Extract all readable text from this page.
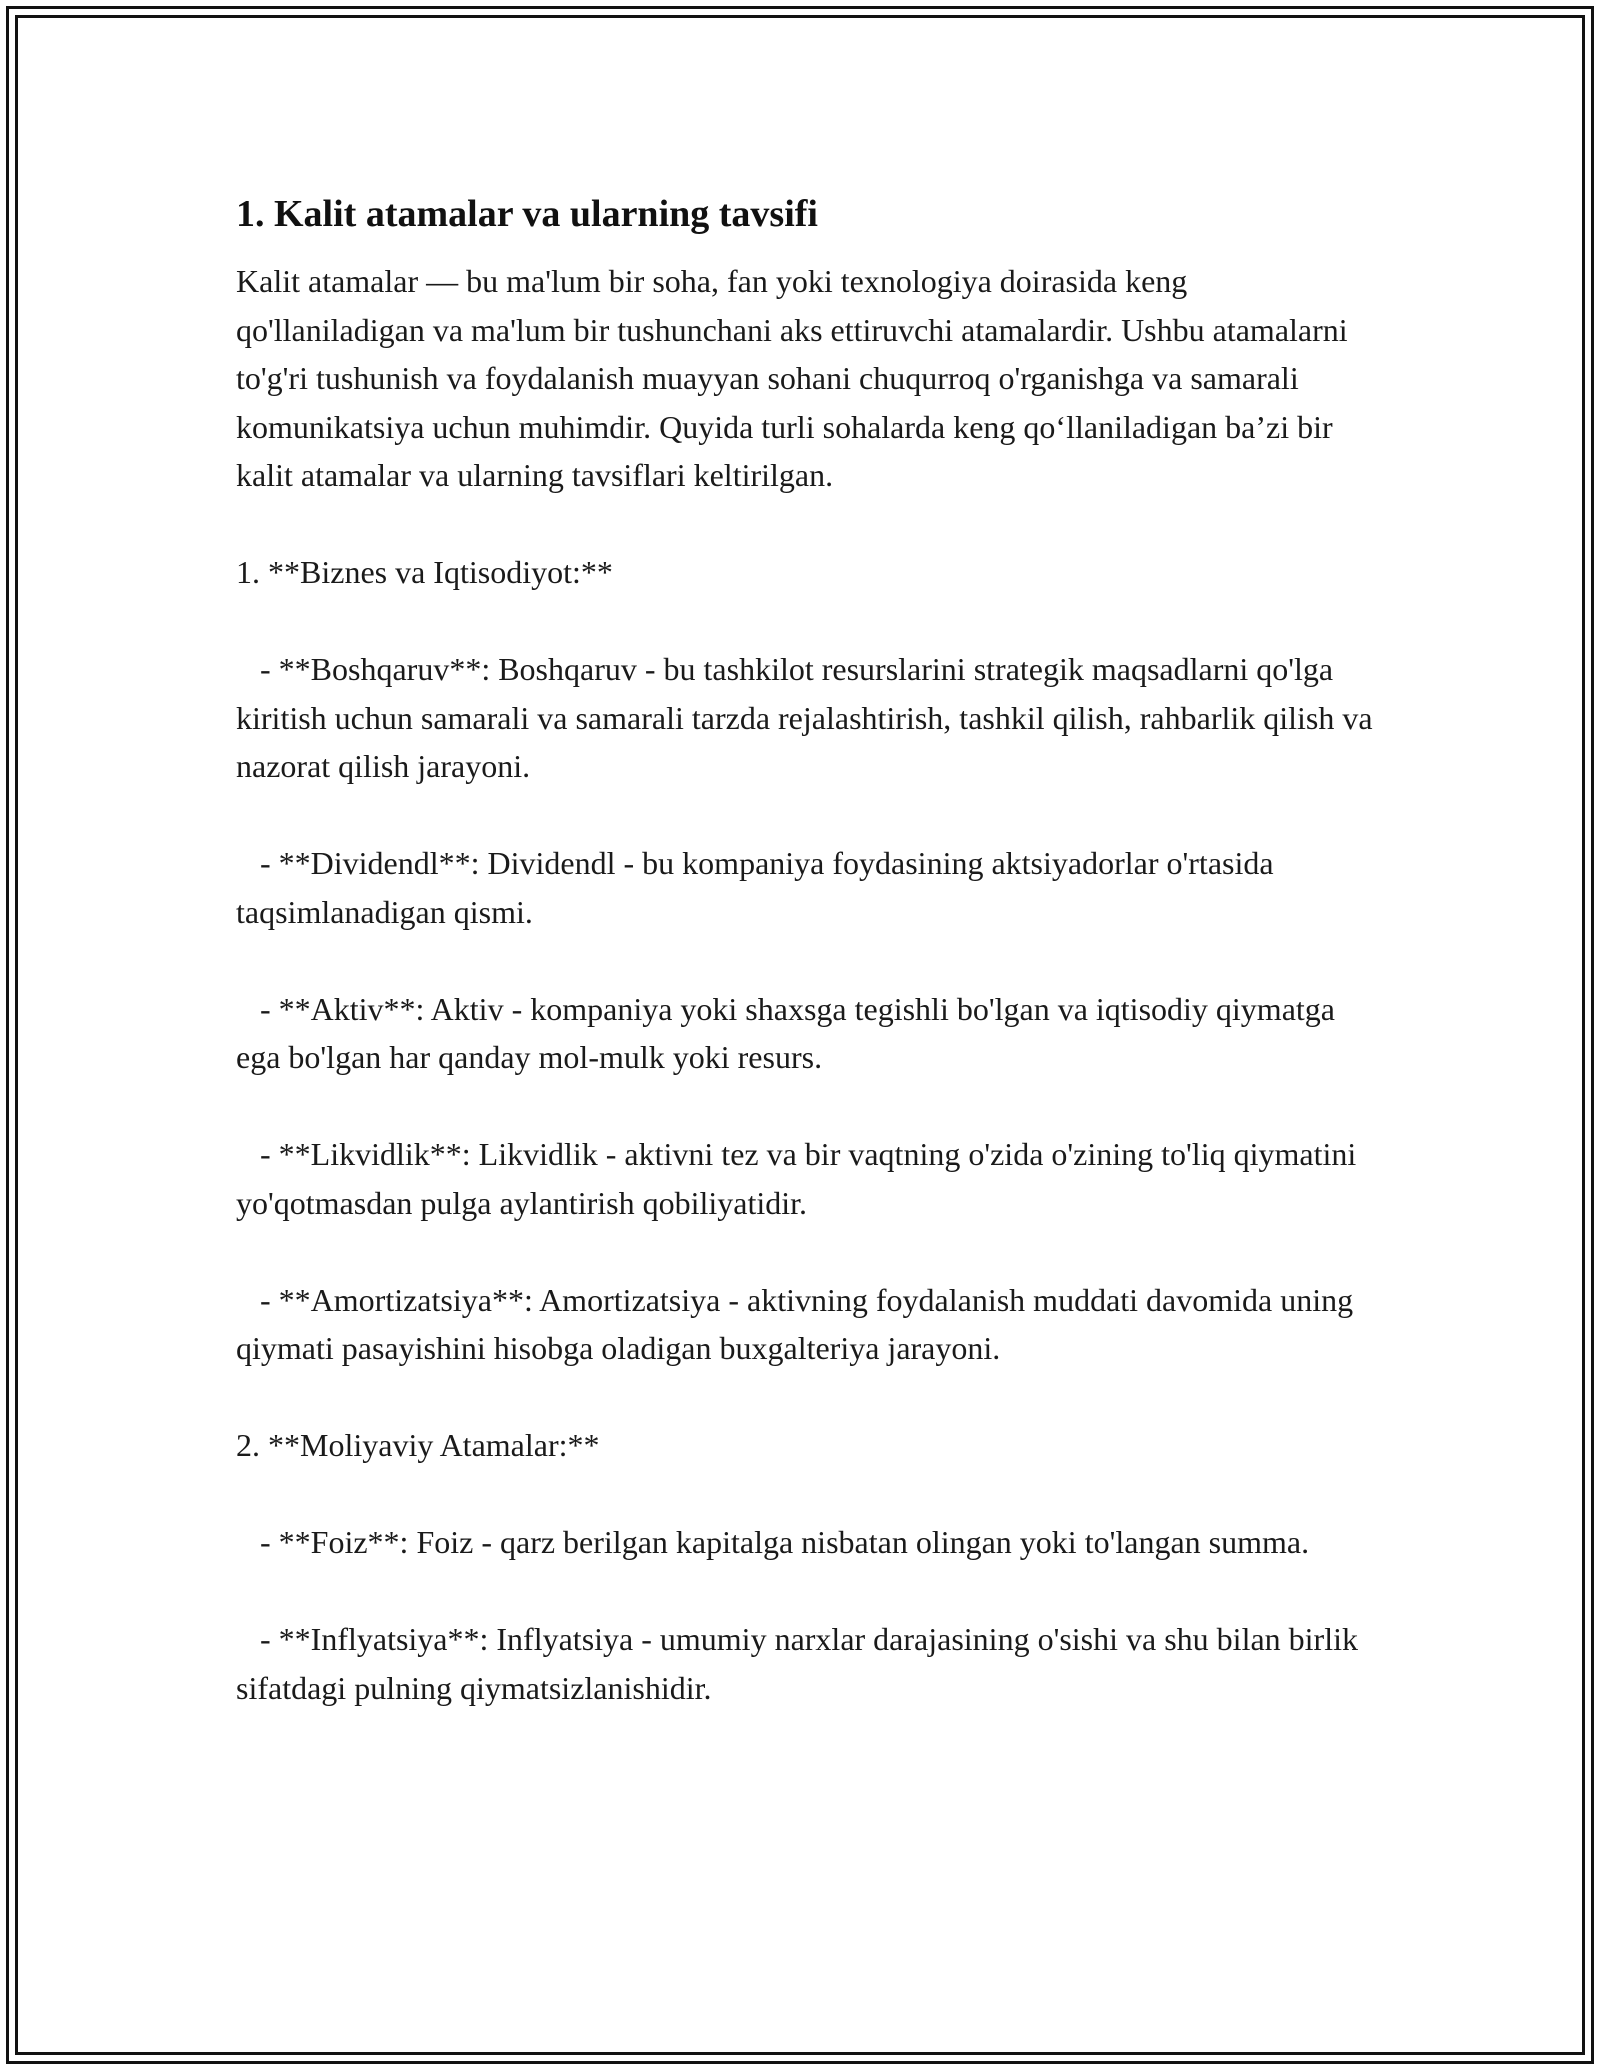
1. Kalit atamalar va ularning tavsifi

Kalit atamalar — bu ma'lum bir soha, fan yoki texnologiya doirasida keng qo'llaniladigan va ma'lum bir tushunchani aks ettiruvchi atamalardir. Ushbu atamalarni to'g'ri tushunish va foydalanish muayyan sohani chuqurroq o'rganishga va samarali komunikatsiya uchun muhimdir. Quyida turli sohalarda keng qo‘llaniladigan ba’zi bir kalit atamalar va ularning tavsiflari keltirilgan.

1. **Biznes va Iqtisodiyot:**

- **Boshqaruv**: Boshqaruv - bu tashkilot resurslarini strategik maqsadlarni qo'lga kiritish uchun samarali va samarali tarzda rejalashtirish, tashkil qilish, rahbarlik qilish va nazorat qilish jarayoni.

- **Dividendl**: Dividendl - bu kompaniya foydasining aktsiyadorlar o'rtasida taqsimlanadigan qismi.

- **Aktiv**: Aktiv - kompaniya yoki shaxsga tegishli bo'lgan va iqtisodiy qiymatga ega bo'lgan har qanday mol-mulk yoki resurs.

- **Likvidlik**: Likvidlik - aktivni tez va bir vaqtning o'zida o'zining to'liq qiymatini yo'qotmasdan pulga aylantirish qobiliyatidir.

- **Amortizatsiya**: Amortizatsiya - aktivning foydalanish muddati davomida uning qiymati pasayishini hisobga oladigan buxgalteriya jarayoni.

2. **Moliyaviy Atamalar:**

- **Foiz**: Foiz - qarz berilgan kapitalga nisbatan olingan yoki to'langan summa.

- **Inflyatsiya**: Inflyatsiya - umumiy narxlar darajasining o'sishi va shu bilan birlik sifatdagi pulning qiymatsizlanishidir.
